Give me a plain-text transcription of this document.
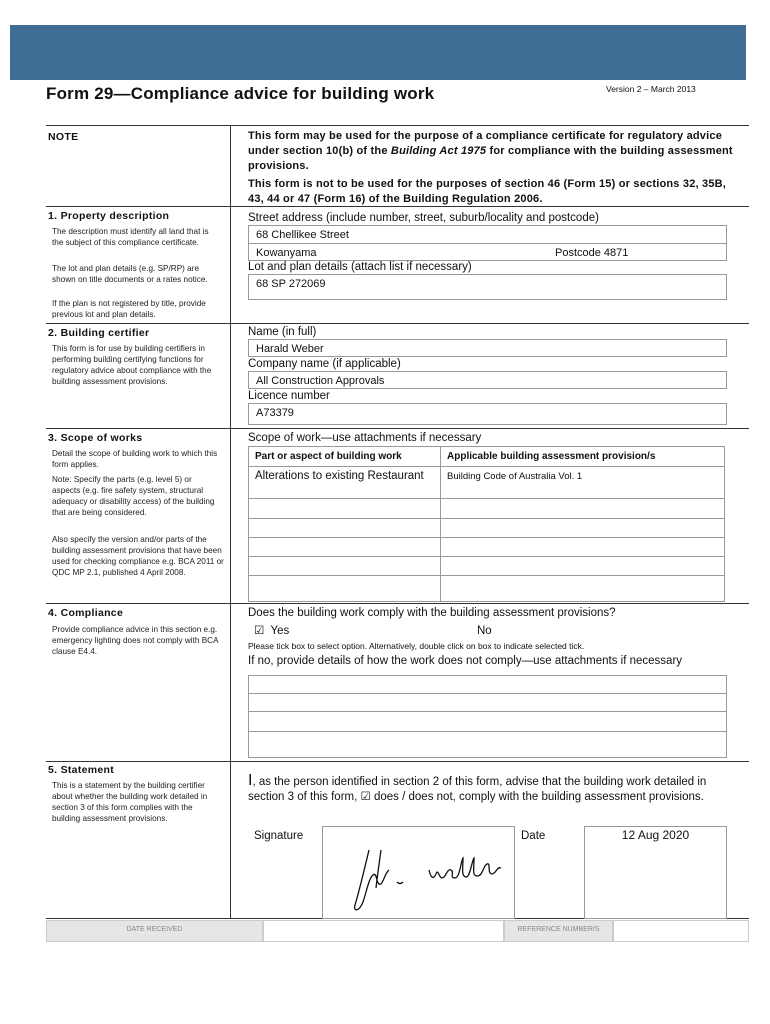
Form 29—Compliance advice for building work	Version 2 – March 2013
NOTE	This form may be used for the purpose of a compliance certificate for regulatory advice under section 10(b) of the Building Act 1975 for compliance with the building assessment provisions.
This form is not to be used for the purposes of section 46 (Form 15) or sections 32, 35B, 43, 44 or 47 (Form 16) of the Building Regulation 2006.
1. Property description
The description must identify all land that is the subject of this compliance certificate.
The lot and plan details (e.g. SP/RP) are shown on title documents or a rates notice.
If the plan is not registered by title, provide previous lot and plan details.
Street address (include number, street, suburb/locality and postcode)
68 Chellikee Street
Kowanyama	Postcode 4871
Lot and plan details (attach list if necessary)
68 SP 272069
2. Building certifier
This form is for use by building certifiers in performing building certifying functions for regulatory advice about compliance with the building assessment provisions.
Name (in full)
Harald Weber
Company name (if applicable)
All Construction Approvals
Licence number
A73379
3. Scope of works
Detail the scope of building work to which this form applies.
Note: Specify the parts (e.g. level 5) or aspects (e.g. fire safety system, structural adequacy or disability access) of the building that are being considered.
Also specify the version and/or parts of the building assessment provisions that have been used for checking compliance e.g. BCA 2011 or QDC MP 2.1, published 4 April 2008.
Scope of work—use attachments if necessary
Part or aspect of building work	Applicable building assessment provision/s
Alterations to existing Restaurant	Building Code of Australia Vol. 1
4. Compliance
Provide compliance advice in this section e.g. emergency lighting does not comply with BCA clause E4.4.
Does the building work comply with the building assessment provisions?
☑ Yes	No
Please tick box to select option. Alternatively, double click on box to indicate selected tick.
If no, provide details of how the work does not comply—use attachments if necessary
5. Statement
This is a statement by the building certifier about whether the building work detailed in section 3 of this form complies with the building assessment provisions.
I, as the person identified in section 2 of this form, advise that the building work detailed in section 3 of this form, ☑ does / does not, comply with the building assessment provisions.
Signature	Date	12 Aug 2020
DATE RECEIVED	REFERENCE NUMBER/S
